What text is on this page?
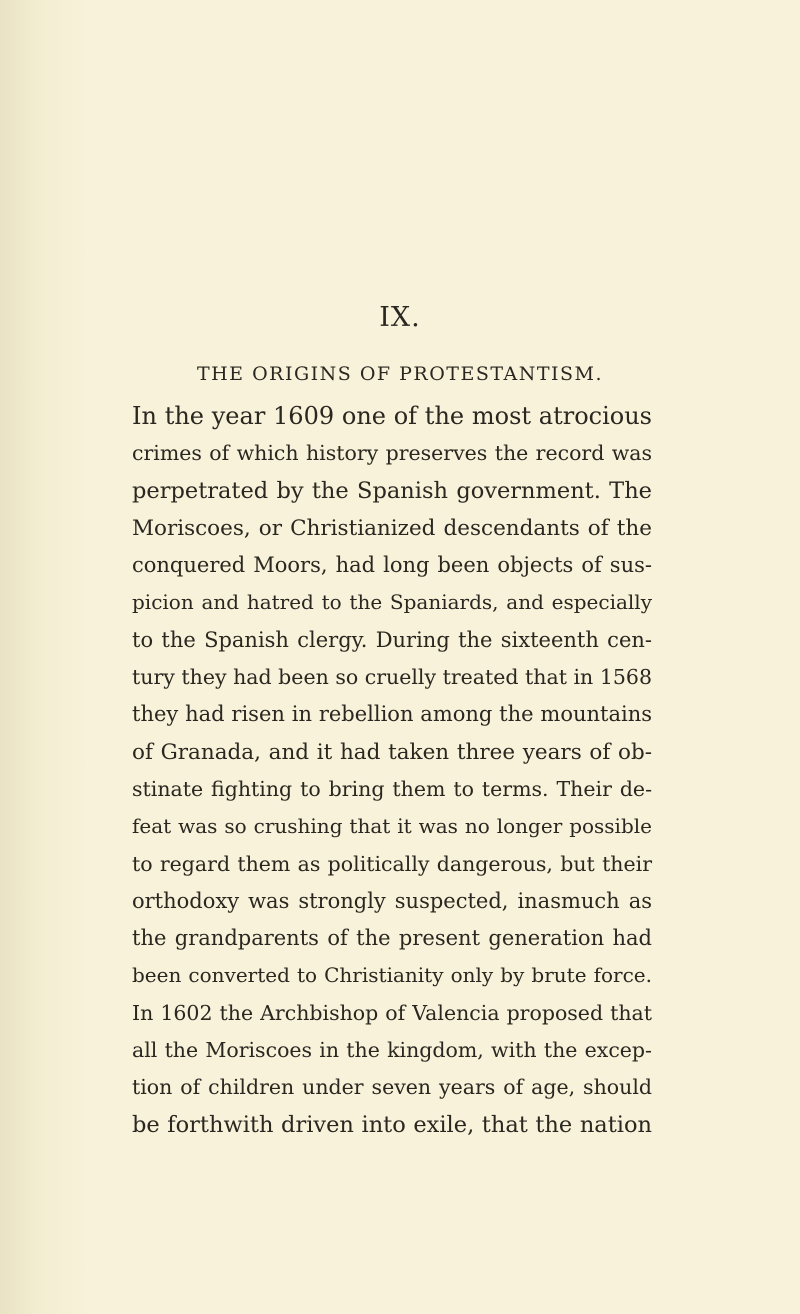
IX.
THE ORIGINS OF PROTESTANTISM.
In the year 1609 one of the most atrocious
crimes of which history preserves the record was
perpetrated by the Spanish government. The
Moriscoes, or Christianized descendants of the
conquered Moors, had long been objects of sus-
picion and hatred to the Spaniards, and especially
to the Spanish clergy. During the sixteenth cen-
tury they had been so cruelly treated that in 1568
they had risen in rebellion among the mountains
of Granada, and it had taken three years of ob-
stinate fighting to bring them to terms. Their de-
feat was so crushing that it was no longer possible
to regard them as politically dangerous, but their
orthodoxy was strongly suspected, inasmuch as
the grandparents of the present generation had
been converted to Christianity only by brute force.
In 1602 the Archbishop of Valencia proposed that
all the Moriscoes in the kingdom, with the excep-
tion of children under seven years of age, should
be forthwith driven into exile, that the nation
